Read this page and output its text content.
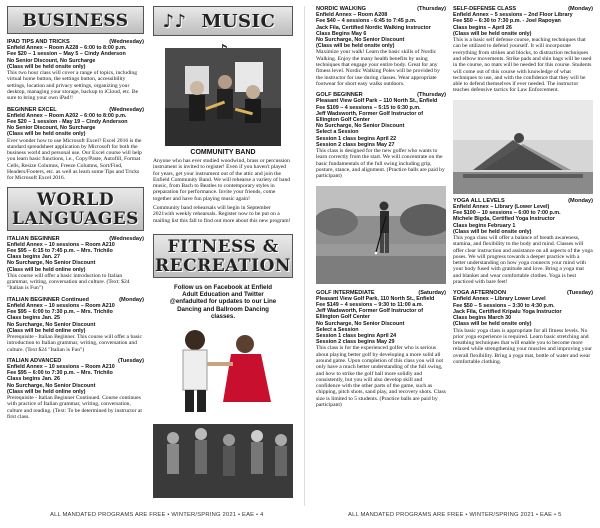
BUSINESS
IPAD TIPS AND TRICKS	(Wednesday)
Enfield Annex – Room A228 – 6:00 to 8:00 p.m.
Fee $20 – 1 session – May 5 – Cindy Anderson
No Senior Discount, No Surcharge
(Class will be held onsite only)
This two hour class will cover a range of topics, including virtual home button, the settings button, accessibility settings, location and privacy settings, organizing your desktop, managing your storage, backup to iCloud, etc. Be sure to bring your own iPad!!
BEGINNER EXCEL	(Wednesday)
Enfield Annex – Room A202 – 6:00 to 8:00 p.m.
Fee $20 – 1 session - May 19 – Cindy Anderson
No Senior Discount, No Surcharge
(Class will be held onsite only)
Ever wonder how to use Microsoft Excel? Excel 2016 is the standard spreadsheet application by Microsoft for both the business world and personal use. Our Excel course will help you learn basic functions, i.e., Copy/Paste, Autofill, Format Cells, Resize Columns, Freeze Columns, Sort/Find, Headers/Footers, etc. as well as learn some Tips and Tricks for Microsoft Excel 2016.
WORLD
LANGUAGES
ITALIAN BEGINNER	(Wednesday)
Enfield Annex – 10 sessions – Room A210
Fee $95 – 6:15 to 7:45 p.m. – Mrs. Trichilo
Class begins Jan. 27
No Surcharge, No Senior Discount
(Class will be held online only)
This course will offer a basic introduction to Italian grammar, writing, conversation and culture. (Text: $24 "Italian is Fun")
ITALIAN BEGINNER Continued	(Monday)
Enfield Annex – 10 sessions – Room A210
Fee $95 – 6:00 to 7:30 p.m. – Mrs. Trichilo
Class begins Jan. 25
No Surcharge, No Senior Discount
(Class will be held online only)
Prerequisite - Italian Beginner. This course will offer a basic introduction to Italian grammar, writing, conversation and culture. (Text $24 "Italian is Fun")
ITALIAN ADVANCED	(Tuesday)
Enfield Annex – 10 sessions – Room A210
Fee $95 – 6:00 to 7:30 p.m. – Mrs. Trichilo
Class begins Jan. 26
No Surcharge, No Senior Discount
(Class will be held online only)
Prerequisite - Italian Beginner Continued. Course continues with practice of Italian grammar, writing, conversation, culture and reading. (Text: To be determined by instructor at first class.
♪♪ MUSIC
COMMUNITY BAND
Anyone who has ever studied woodwind, brass or percussion instrument is invited to register! Even if you haven't played for years, get your instrument out of the attic and join the Enfield Community Band. We will rehearse a variety of band music, from Bach to Beatles to contemporary styles in preparation for performance. Invite your friends, come together and have fun playing music again!
Community band rehearsals will begin in September 2021with weekly rehearsals. Register now to be put on a mailing list this fall to find out more about this new program!
FITNESS &
RECREATION
Follow us on Facebook at Enfield Adult Education and Twitter @enfadulted for updates to our Line Dancing and Ballroom Dancing classes.
NORDIC WALKING	(Thursday)
Enfield Annex – Room A208
Fee $40 – 4 sessions - 6:45 to 7:45 p.m.
Jack Fila, Certified Nordic Walking Instructor
Class Begins May 6
No Surcharge, No Senior Discount
(Class will be held onsite only)
Maximize your walk! Learn the basic skills of Nordic Walking. Enjoy the many health benefits by using techniques that engage your entire body. Great for any fitness level. Nordic Walking Poles will be provided by the instructor for use during classes. Wear appropriate footwear for short easy walks outdoors.
GOLF BEGINNER	(Thursday)
Pleasant View Golf Park – 110 North St., Enfield
Fee $109 – 4 sessions – 5:15 to 6:30 p.m.
Jeff Wadsworth, Former Golf Instructor of
Ellington Golf Center
No Surcharge, No Senior Discount
Select a Session
Session 1 class begins April 22
Session 2 class begins May 27
This class is designed for the new golfer who wants to learn correctly from the start. We will concentrate on the basic fundamentals of the full swing including grip, posture, stance, and alignment. (Practice balls are paid by participant)
GOLF INTERMEDIATE	(Saturday)
Pleasant View Golf Park, 110 North St., Enfield
Fee $149 – 4 sessions – 9:30 to 11:00 a.m.
Jeff Wadsworth, Former Golf Instructor of
Ellington Golf Center
No Surcharge, No Senior Discount
Select a Session
Session 1 class begins April 24
Session 2 class begins May 29
This class is for the experienced golfer who is serious about playing better golf by developing a more solid all around game. Upon completion of this class you will not only have a much better understanding of the full swing, and how to strike the golf ball more solidly and consistently, but you will also develop skill and confidence with the other parts of the game, such as chipping, pitch shots, sand play, and recovery shots. Class size is limited to 5 students. (Practice balls are paid by participant)
SELF-DEFENSE CLASS	(Monday)
Enfield Annex – 5 sessions – 2nd Floor Library
Fee $50 – 6:30 to 7:30 p.m. - Joel Rapoyan
Class begins – April 26
(Class will be held onsite only)
This is a basic self defense course, teaching techniques that can be utilized to defend yourself. It will incorporate everything from strikes and blocks, to distraction techniques and elbow movements. Strike pads and shin bags will be used in the course, no mats will be needed for this course. Students will come out of this course with knowledge of what techniques to use, and with the confidence that they will be able to defend themselves if ever needed. The instructor teaches defensive tactics for Law Enforcement.
YOGA ALL LEVELS	(Monday)
Enfield Annex – Library (Lower Level)
Fee $100 – 10 sessions – 6:00 to 7:00 p.m.
Michele Bigda, Certified Yoga Instructor
Class begins February 1
(Class will be held onsite only)
This yoga class will offer a balance of breath awareness, stamina, and flexibility to the body and mind. Classes will offer clear instruction and assistance on all aspects of the yoga poses. We will progress towards a deeper practice with a better understanding on how yoga connects your mind with your body fused with gratitude and love. Bring a yoga mat and blanket and wear comfortable clothes. Yoga is best practiced with bare feet!
YOGA AFTERNOON	(Tuesday)
Enfield Annex – Library Lower Level
Fee $50 – 5 sessions – 3:30 to 4:30 p.m.
Jack Fila, Certified Kripalu Yoga Instructor
Class begins March 30
(Class will be held onsite only)
This basic yoga class is appropriate for all fitness levels. No prior yoga experience is required. Learn basic stretching and breathing techniques that will enable you to become more relaxed while strengthening your muscles and improving your overall flexibility. Bring a yoga mat, bottle of water and wear comfortable clothing.
ALL MANDATED PROGRAMS ARE FREE • WINTER/SPRING 2021 • EAE • 4	ALL MANDATED PROGRAMS ARE FREE • WINTER/SPRING 2021 • EAE • 5
